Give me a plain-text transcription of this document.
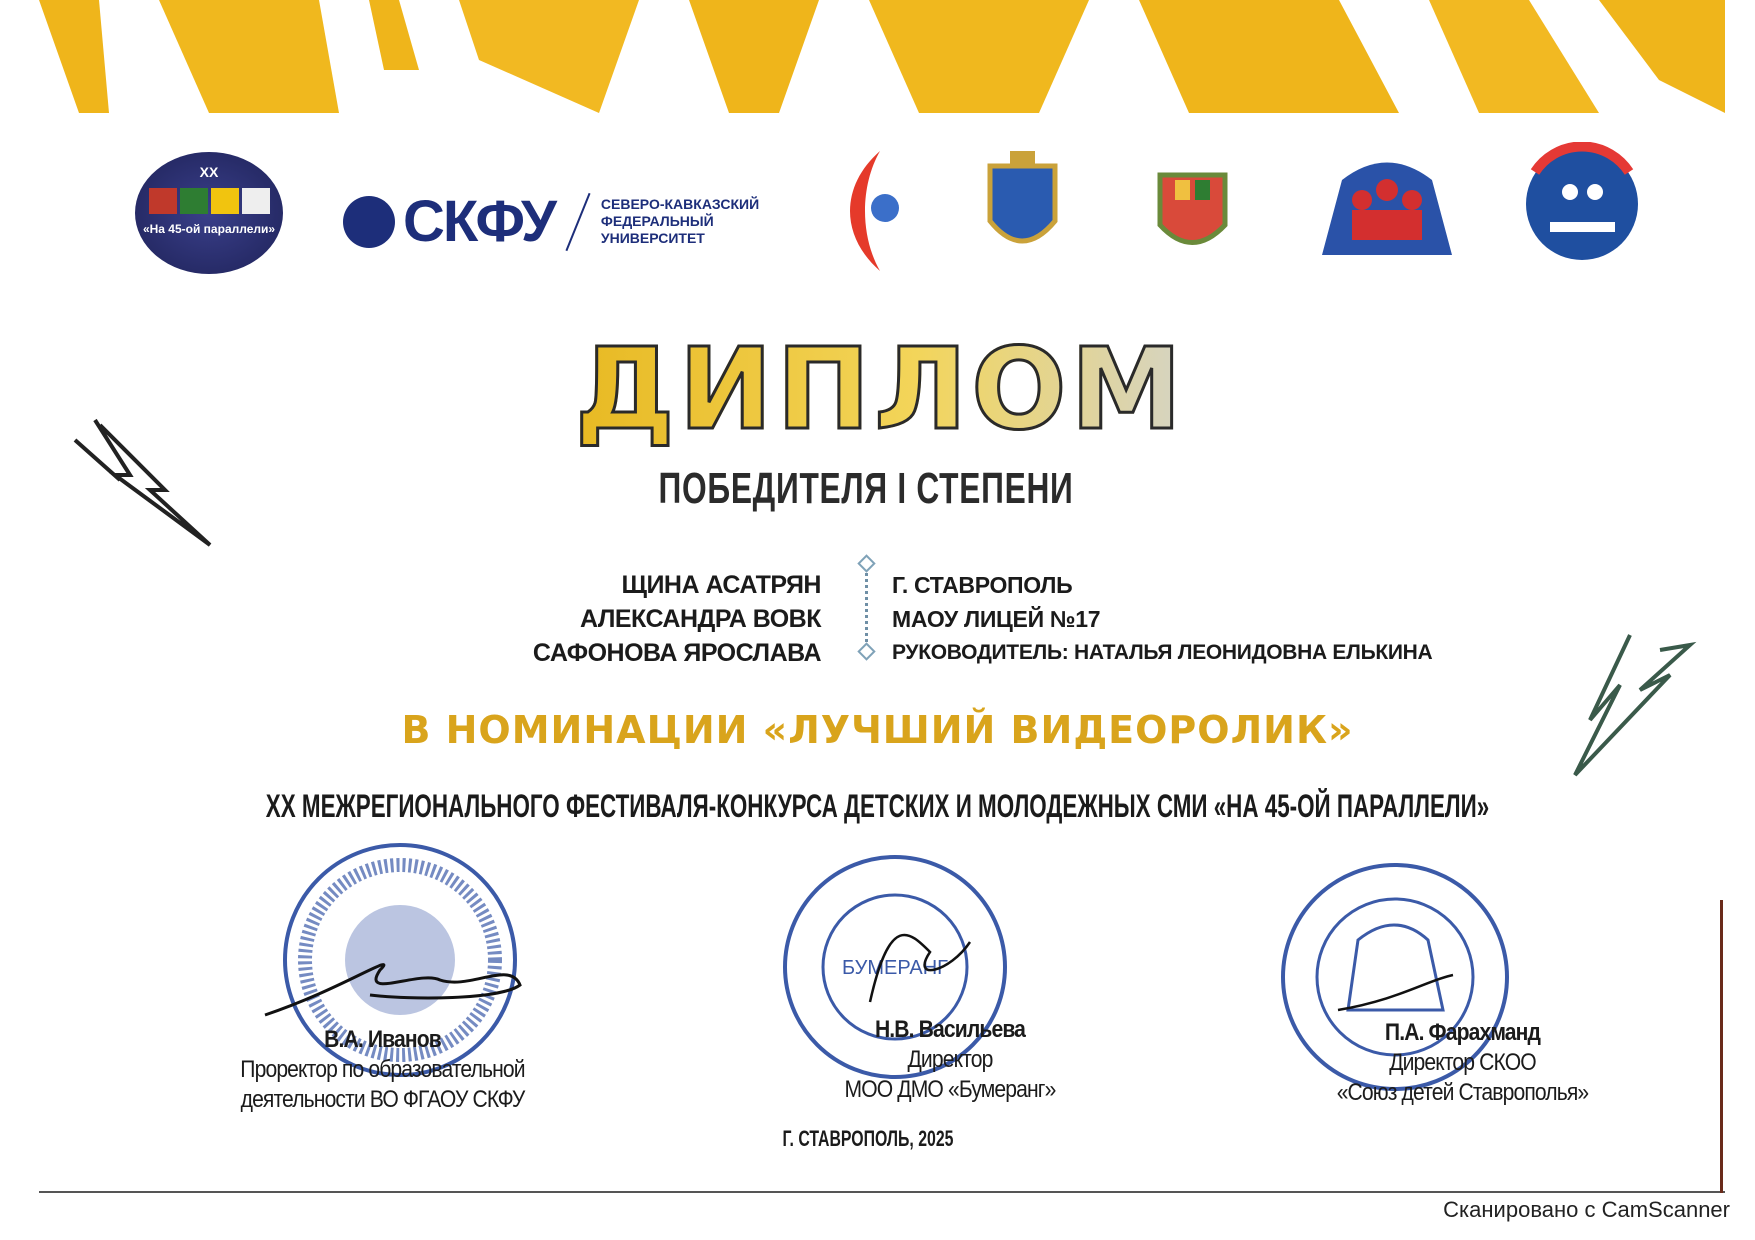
XX
«На 45-ой параллели» СКФУ	СЕВЕРО-КАВКАЗСКИЙ
ФЕДЕРАЛЬНЫЙ
УНИВЕРСИТЕТ
ДИПЛОМ
ПОБЕДИТЕЛЯ I СТЕПЕНИ
ЩИНА АСАТРЯН
АЛЕКСАНДРА ВОВК
САФОНОВА ЯРОСЛАВА
Г. СТАВРОПОЛЬ
МАОУ ЛИЦЕЙ №17
РУКОВОДИТЕЛЬ: НАТАЛЬЯ ЛЕОНИДОВНА ЕЛЬКИНА
В НОМИНАЦИИ «ЛУЧШИЙ ВИДЕОРОЛИК»
XX МЕЖРЕГИОНАЛЬНОГО ФЕСТИВАЛЯ-КОНКУРСА ДЕТСКИХ И МОЛОДЕЖНЫХ СМИ «НА 45-ОЙ ПАРАЛЛЕЛИ»
БУМЕРАНГ
В.А. Иванов
Проректор по образовательной
деятельности ВО ФГАОУ СКФУ
Н.В. Васильева
Директор
МОО ДМО «Бумеранг»
П.А. Фарахманд
Директор СКОО
«Союз детей Ставрополья»
Г. СТАВРОПОЛЬ, 2025
Сканировано с CamScanner
